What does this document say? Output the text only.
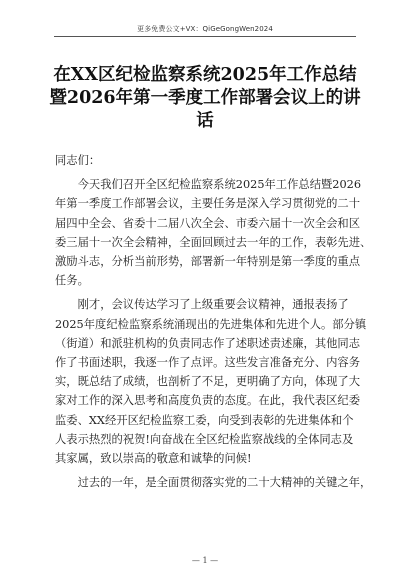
更多免费公文+VX：QiGeGongWen2024
在XX区纪检监察系统2025年工作总结
暨2026年第一季度工作部署会议上的讲
话

同志们：

今天我们召开全区纪检监察系统2025年工作总结暨2026
年第一季度工作部署会议，主要任务是深入学习贯彻党的二十
届四中全会、省委十二届八次全会、市委六届十一次全会和区
委三届十一次全会精神，全面回顾过去一年的工作，表彰先进、
激励斗志，分析当前形势，部署新一年特别是第一季度的重点
任务。
刚才，会议传达学习了上级重要会议精神，通报表扬了
2025年度纪检监察系统涌现出的先进集体和先进个人。部分镇
（街道）和派驻机构的负责同志作了述职述责述廉，其他同志
作了书面述职，我逐一作了点评。这些发言准备充分、内容务
实，既总结了成绩，也剖析了不足，更明确了方向，体现了大
家对工作的深入思考和高度负责的态度。在此，我代表区纪委
监委、XX经开区纪检监察工委，向受到表彰的先进集体和个
人表示热烈的祝贺!向奋战在全区纪检监察战线的全体同志及
其家属，致以崇高的敬意和诚挚的问候!
过去的一年，是全面贯彻落实党的二十大精神的关键之年，
— 1 —
